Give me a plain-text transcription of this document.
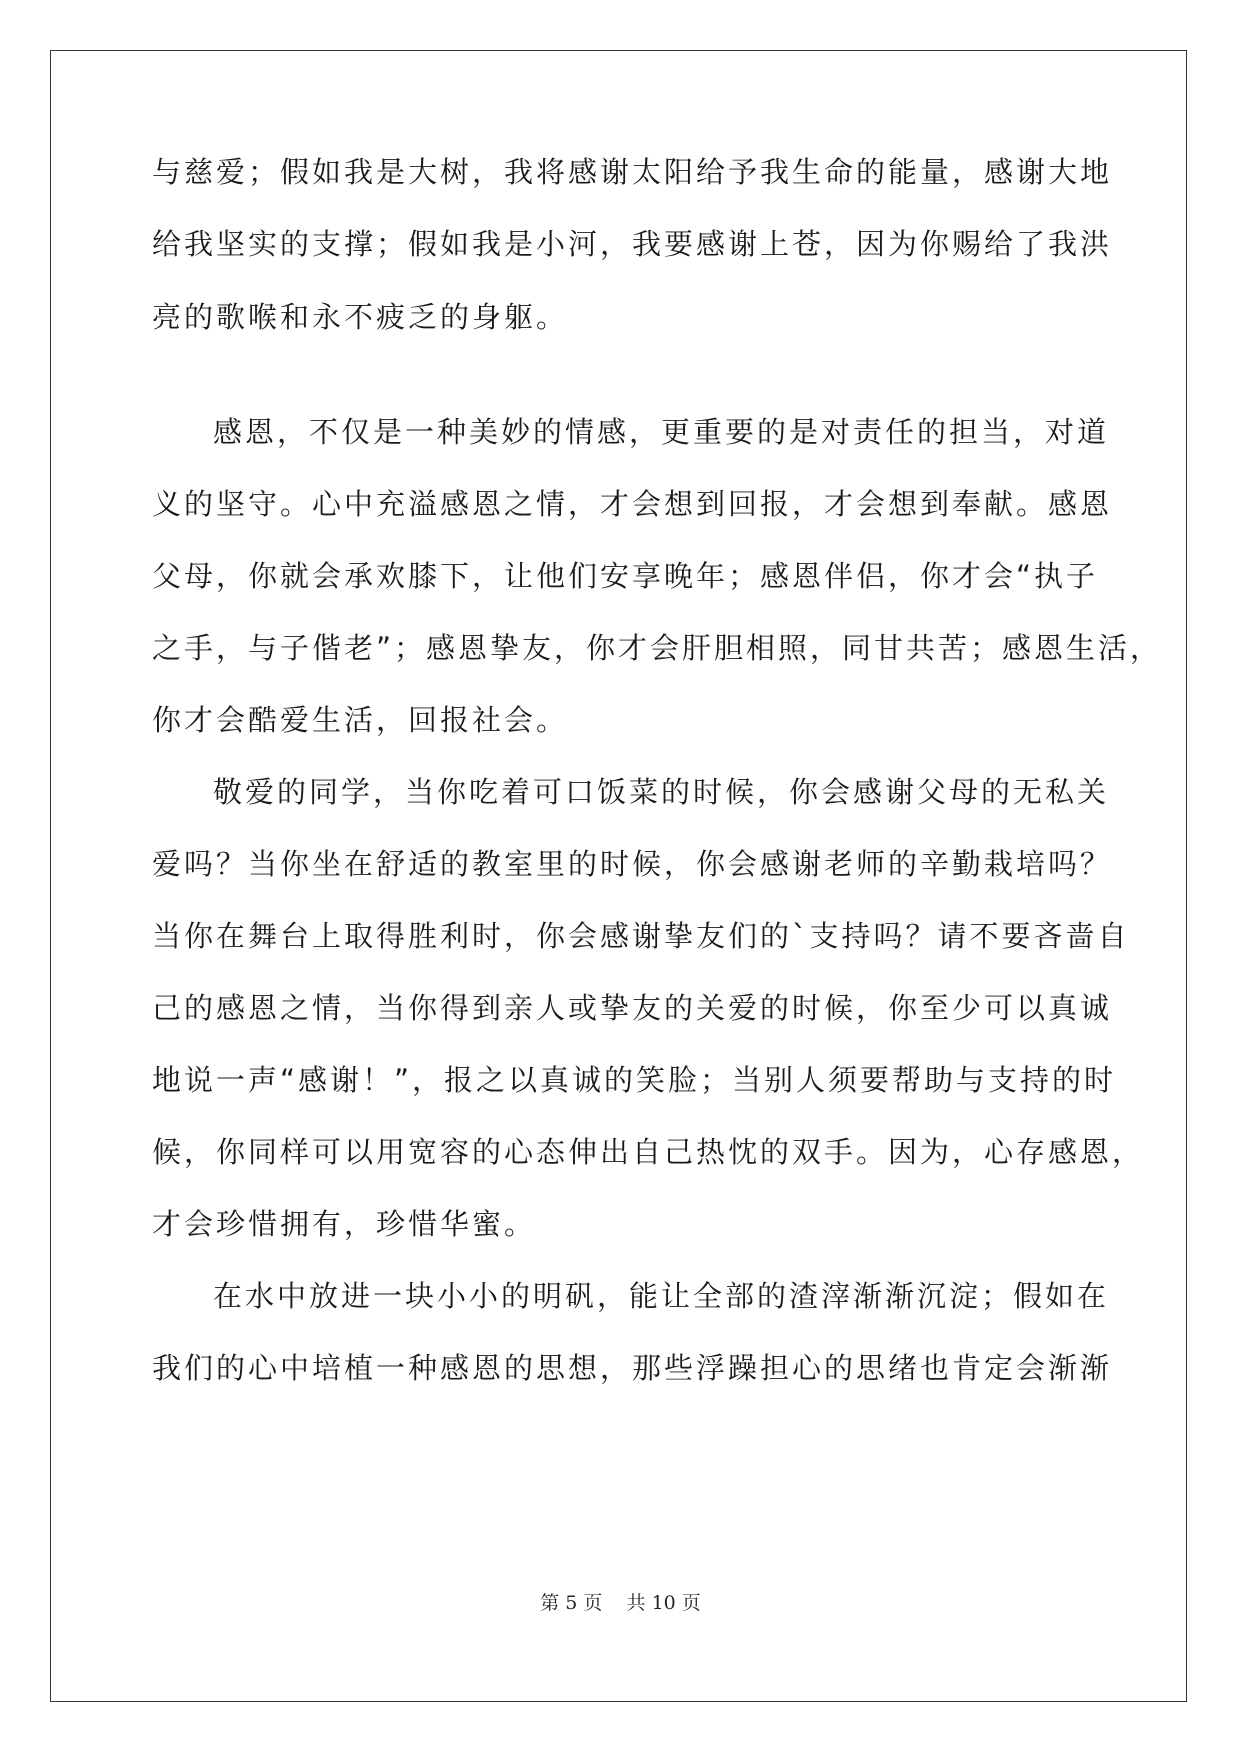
与慈爱；假如我是大树，我将感谢太阳给予我生命的能量，感谢大地
给我坚实的支撑；假如我是小河，我要感谢上苍，因为你赐给了我洪
亮的歌喉和永不疲乏的身躯。
感恩，不仅是一种美妙的情感，更重要的是对责任的担当，对道
义的坚守。心中充溢感恩之情，才会想到回报，才会想到奉献。感恩
父母，你就会承欢膝下，让他们安享晚年；感恩伴侣，你才会“执子
之手，与子偕老”；感恩挚友，你才会肝胆相照，同甘共苦；感恩生活，
你才会酷爱生活，回报社会。
敬爱的同学，当你吃着可口饭菜的时候，你会感谢父母的无私关
爱吗？当你坐在舒适的教室里的时候，你会感谢老师的辛勤栽培吗？
当你在舞台上取得胜利时，你会感谢挚友们的`支持吗？请不要吝啬自
己的感恩之情，当你得到亲人或挚友的关爱的时候，你至少可以真诚
地说一声“感谢！”，报之以真诚的笑脸；当别人须要帮助与支持的时
候，你同样可以用宽容的心态伸出自己热忱的双手。因为，心存感恩，
才会珍惜拥有，珍惜华蜜。
在水中放进一块小小的明矾，能让全部的渣滓渐渐沉淀；假如在
我们的心中培植一种感恩的思想，那些浮躁担心的思绪也肯定会渐渐
第 5 页 共 10 页
